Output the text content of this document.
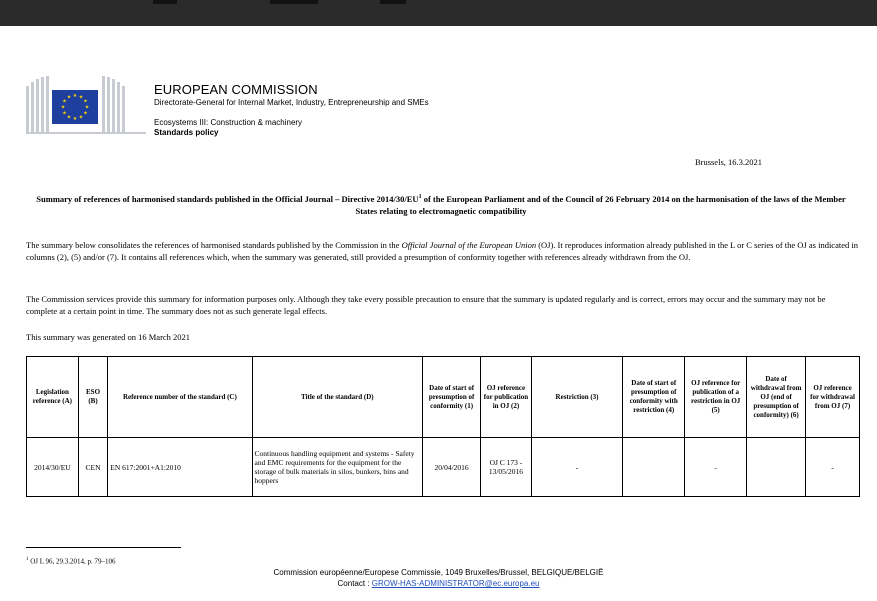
★ ★
★
★
★
★
★
★
★
★
★
★
EUROPEAN COMMISSION
Directorate-General for Internal Market, Industry, Entrepreneurship and SMEs
Ecosystems III: Construction & machinery
Standards policy
Brussels, 16.3.2021
Summary of references of harmonised standards published in the Official Journal – Directive $2014/30/EU^1$ of the European Parliament and of the Council of 26 February 2014 on the harmonisation of the laws of the Member States relating to electromagnetic compatibility
The summary below consolidates the references of harmonised standards published by the Commission in the Official Journal of the European Union (OJ). It reproduces information already published in the L or C series of the OJ as indicated in columns (2), (5) and/or (7). It contains all references which, when the summary was generated, still provided a presumption of conformity together with references already withdrawn from the OJ.
The Commission services provide this summary for information purposes only. Although they take every possible precaution to ensure that the summary is updated regularly and is correct, errors may occur and the summary may not be complete at a certain point in time. The summary does not as such generate legal effects.
This summary was generated on 16 March 2021
Legislation reference (A)	ESO (B)	Reference number of the standard (C)	Title of the standard (D)	Date of start of presumption of conformity (1)	OJ reference for publication in OJ (2)	Restriction (3)	Date of start of presumption of conformity with restriction (4)	OJ reference for publication of a restriction in OJ (5)	Date of withdrawal from OJ (end of presumption of conformity) (6)	OJ reference for withdrawal from OJ (7)
2014/30/EU	CEN	EN 617:2001+A1:2010	Continuous handling equipment and systems - Safety and EMC requirements for the equipment for the storage of bulk materials in silos, bunkers, bins and hoppers	20/04/2016	OJ C 173 - 13/05/2016	-		-		-
$^1$ OJ L 96, 29.3.2014, p. 79–106
Commission européenne/Europese Commissie, 1049 Bruxelles/Brussel, BELGIQUE/BELGIË
Contact : GROW-HAS-ADMINISTRATOR@ec.europa.eu
